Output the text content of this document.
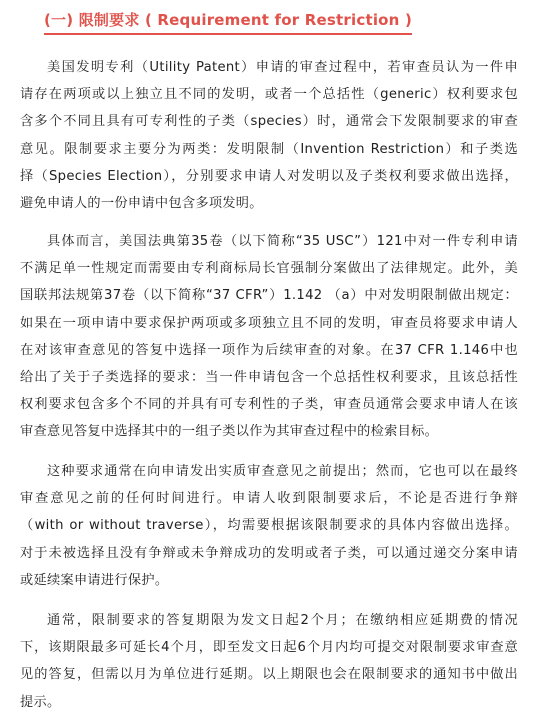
(一) 限制要求 ( Requirement for Restriction )
美国发明专利（Utility Patent）申请的审查过程中，若审查员认为一件申
请存在两项或以上独立且不同的发明，或者一个总括性（generic）权利要求包
含多个不同且具有可专利性的子类（species）时，通常会下发限制要求的审查
意见。限制要求主要分为两类：发明限制（Invention Restriction）和子类选
择（Species Election），分别要求申请人对发明以及子类权利要求做出选择，
避免申请人的一份申请中包含多项发明。
具体而言，美国法典第35卷（以下简称“35 USC”）121中对一件专利申请
不满足单一性规定而需要由专利商标局长官强制分案做出了法律规定。此外，美
国联邦法规第37卷（以下简称“37 CFR”）1.142 （a）中对发明限制做出规定：
如果在一项申请中要求保护两项或多项独立且不同的发明，审查员将要求申请人
在对该审查意见的答复中选择一项作为后续审查的对象。在37 CFR 1.146中也
给出了关于子类选择的要求：当一件申请包含一个总括性权利要求，且该总括性
权利要求包含多个不同的并具有可专利性的子类，审查员通常会要求申请人在该
审查意见答复中选择其中的一组子类以作为其审查过程中的检索目标。
这种要求通常在向申请发出实质审查意见之前提出；然而，它也可以在最终
审查意见之前的任何时间进行。申请人收到限制要求后，不论是否进行争辩
（with or without traverse），均需要根据该限制要求的具体内容做出选择。
对于未被选择且没有争辩或未争辩成功的发明或者子类，可以通过递交分案申请
或延续案申请进行保护。
通常，限制要求的答复期限为发文日起2个月；在缴纳相应延期费的情况
下，该期限最多可延长4个月，即至发文日起6个月内均可提交对限制要求审查意
见的答复，但需以月为单位进行延期。以上期限也会在限制要求的通知书中做出
提示。
